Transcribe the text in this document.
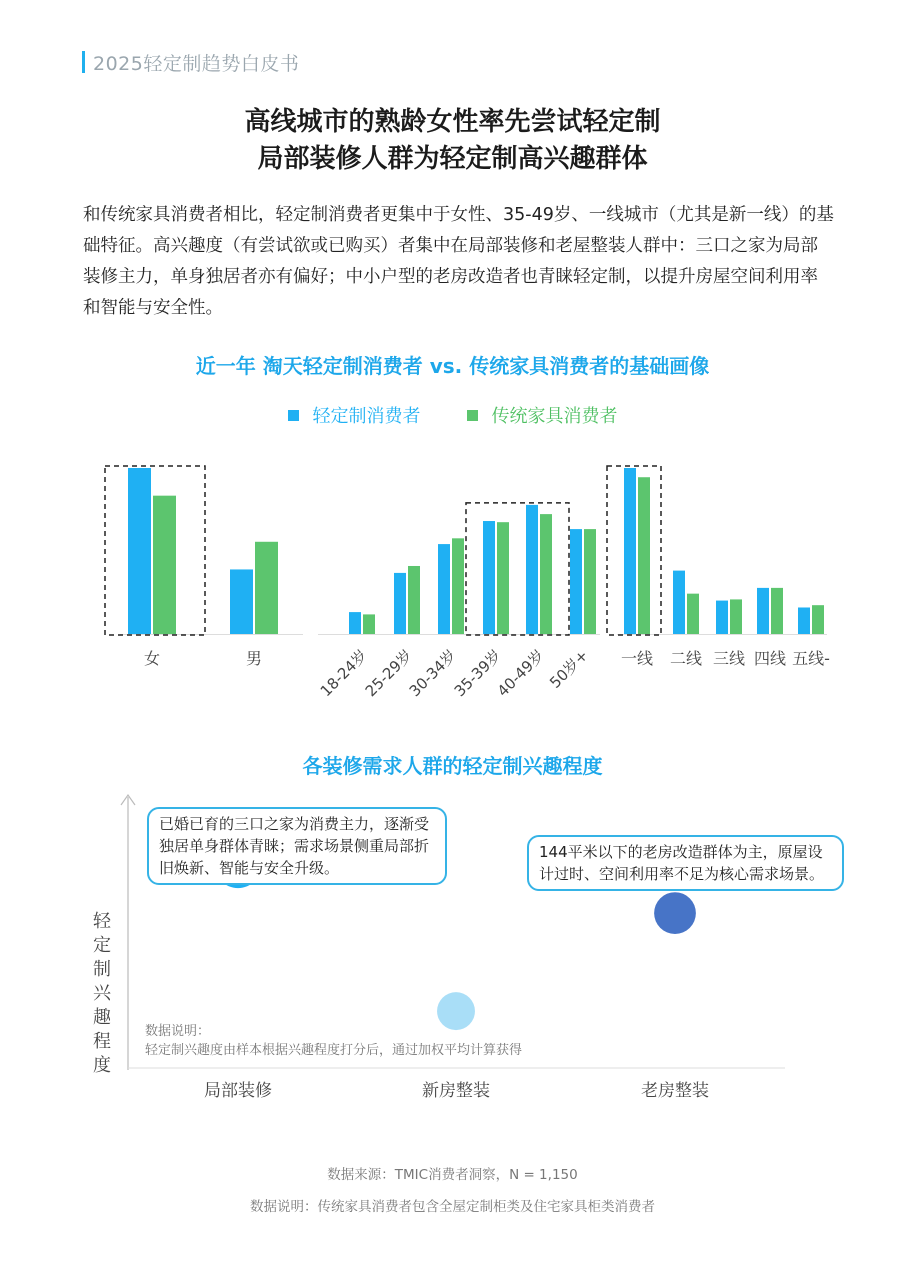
2025轻定制趋势白皮书
高线城市的熟龄女性率先尝试轻定制
局部装修人群为轻定制高兴趣群体

和传统家具消费者相比，轻定制消费者更集中于女性、35-49岁、一线城市（尤其是新一线）的基础特征。高兴趣度（有尝试欲或已购买）者集中在局部装修和老屋整装人群中：三口之家为局部装修主力，单身独居者亦有偏好；中小户型的老房改造者也青睐轻定制，以提升房屋空间利用率和智能与安全性。

近一年 淘天轻定制消费者 vs. 传统家具消费者的基础画像
轻定制消费者	传统家具消费者
女	男	18-24岁
25-29岁
30-34岁
35-39岁
40-49岁
50岁+ 一线 二线 三线 四线 五线-
各装修需求人群的轻定制兴趣程度
轻定制兴趣程度
局部装修	新房整装	老房整装
已婚已育的三口之家为消费主力，逐渐受独居单身群体青睐；需求场景侧重局部折旧焕新、智能与安全升级。
144平米以下的老房改造群体为主，原屋设计过时、空间利用率不足为核心需求场景。
数据说明：
轻定制兴趣度由样本根据兴趣程度打分后，通过加权平均计算获得
数据来源：TMIC消费者洞察，N = 1,150
数据说明：传统家具消费者包含全屋定制柜类及住宅家具柜类消费者
